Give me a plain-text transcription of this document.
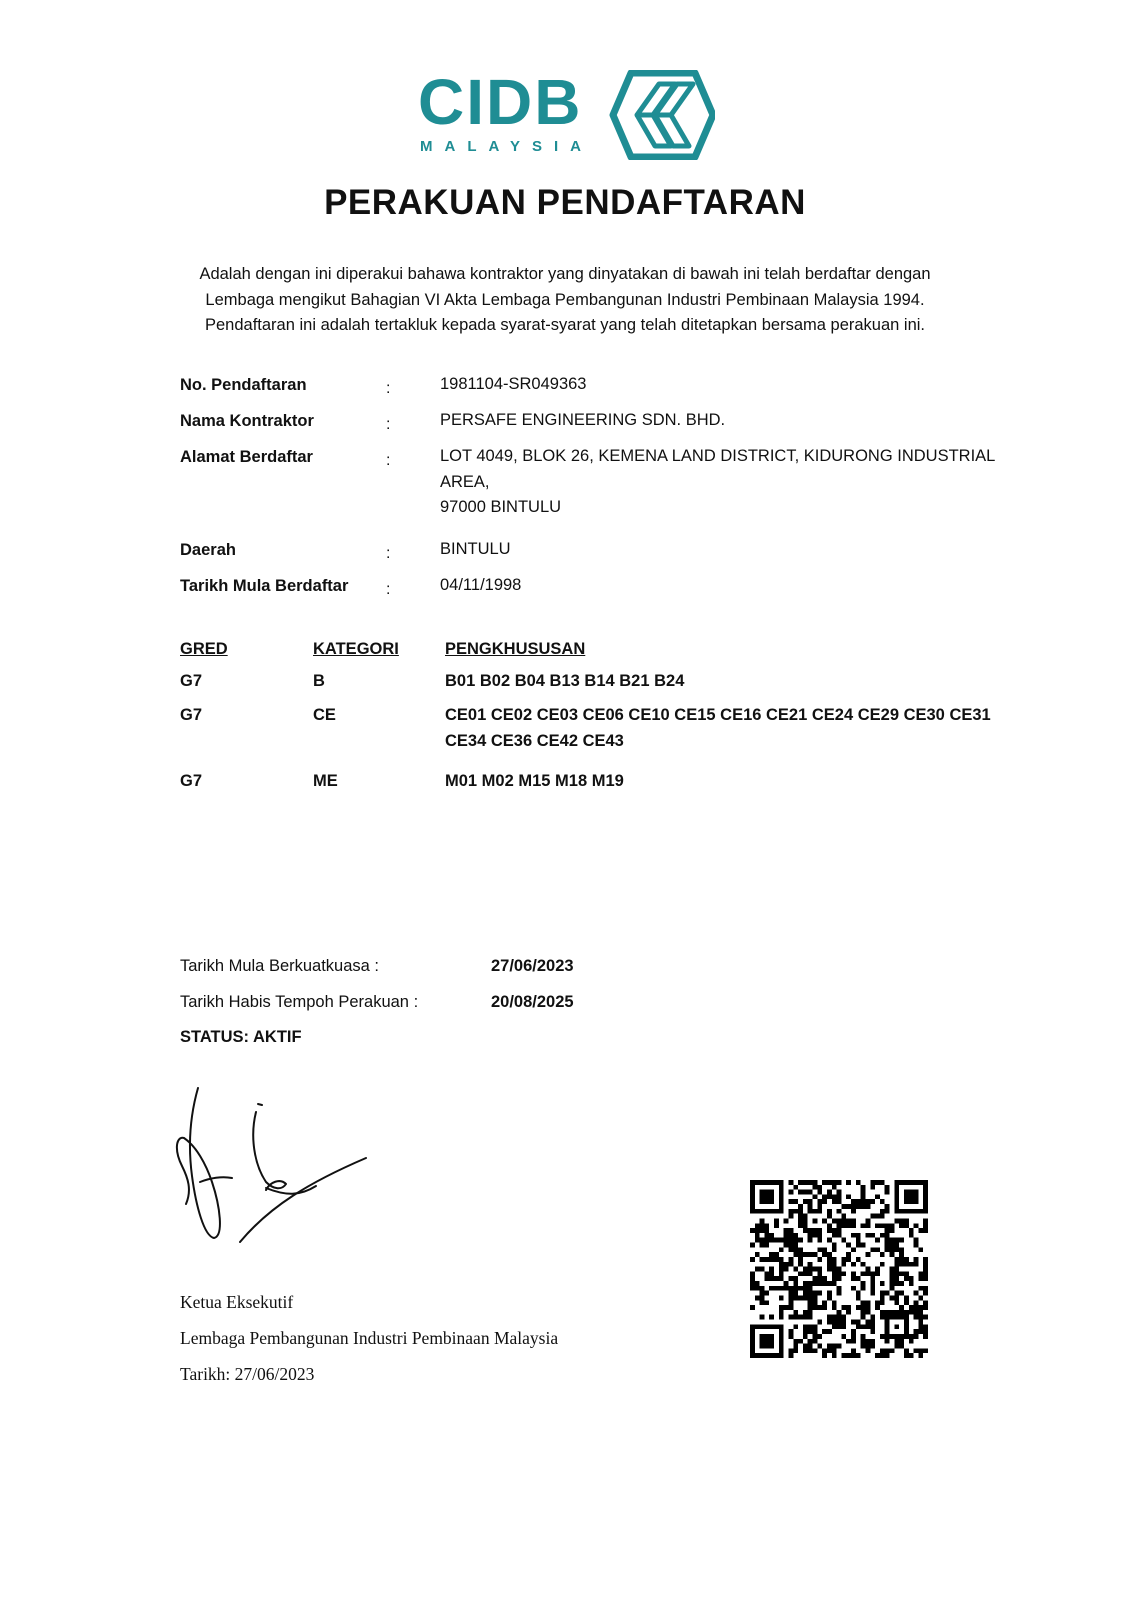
CIDB
MALAYSIA
PERAKUAN PENDAFTARAN
Adalah dengan ini diperakui bahawa kontraktor yang dinyatakan di bawah ini telah berdaftar dengan
Lembaga mengikut Bahagian VI Akta Lembaga Pembangunan Industri Pembinaan Malaysia 1994.
Pendaftaran ini adalah tertakluk kepada syarat-syarat yang telah ditetapkan bersama perakuan ini.
No. Pendaftaran	:	1981104-SR049363
Nama Kontraktor	:	PERSAFE ENGINEERING SDN. BHD.
Alamat Berdaftar	:	LOT 4049, BLOK 26, KEMENA LAND DISTRICT, KIDURONG INDUSTRIAL
AREA,
97000 BINTULU
Daerah	:	BINTULU
Tarikh Mula Berdaftar :	04/11/1998
GRED	KATEGORI	PENGKHUSUSAN
G7	B	B01 B02 B04 B13 B14 B21 B24
G7	CE	CE01 CE02 CE03 CE06 CE10 CE15 CE16 CE21 CE24 CE29 CE30 CE31
CE34 CE36 CE42 CE43
G7	ME	M01 M02 M15 M18 M19
Tarikh Mula Berkuatkuasa :	27/06/2023
Tarikh Habis Tempoh Perakuan :	20/08/2025
STATUS: AKTIF
Ketua Eksekutif
Lembaga Pembangunan Industri Pembinaan Malaysia
Tarikh: 27/06/2023
